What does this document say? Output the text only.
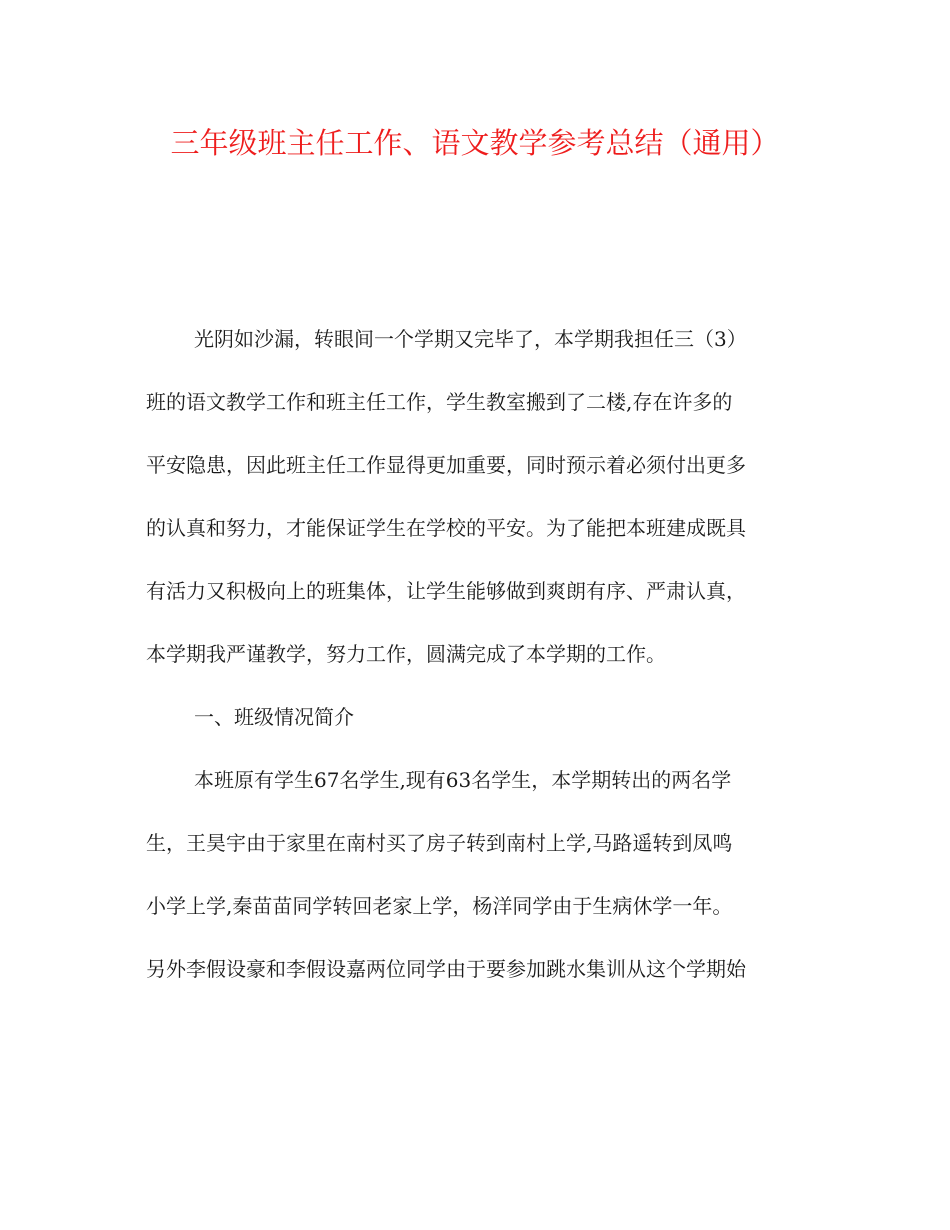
三年级班主任工作、语文教学参考总结（通用）
光阴如沙漏，转眼间一个学期又完毕了，本学期我担任三（3）
班的语文教学工作和班主任工作，学生教室搬到了二楼,存在许多的
平安隐患，因此班主任工作显得更加重要，同时预示着必须付出更多
的认真和努力，才能保证学生在学校的平安。为了能把本班建成既具
有活力又积极向上的班集体，让学生能够做到爽朗有序、严肃认真，
本学期我严谨教学，努力工作，圆满完成了本学期的工作。
一、班级情况简介
本班原有学生67名学生,现有63名学生，本学期转出的两名学
生，王昊宇由于家里在南村买了房子转到南村上学,马路遥转到凤鸣
小学上学,秦苗苗同学转回老家上学，杨洋同学由于生病休学一年。
另外李假设豪和李假设嘉两位同学由于要参加跳水集训从这个学期始
